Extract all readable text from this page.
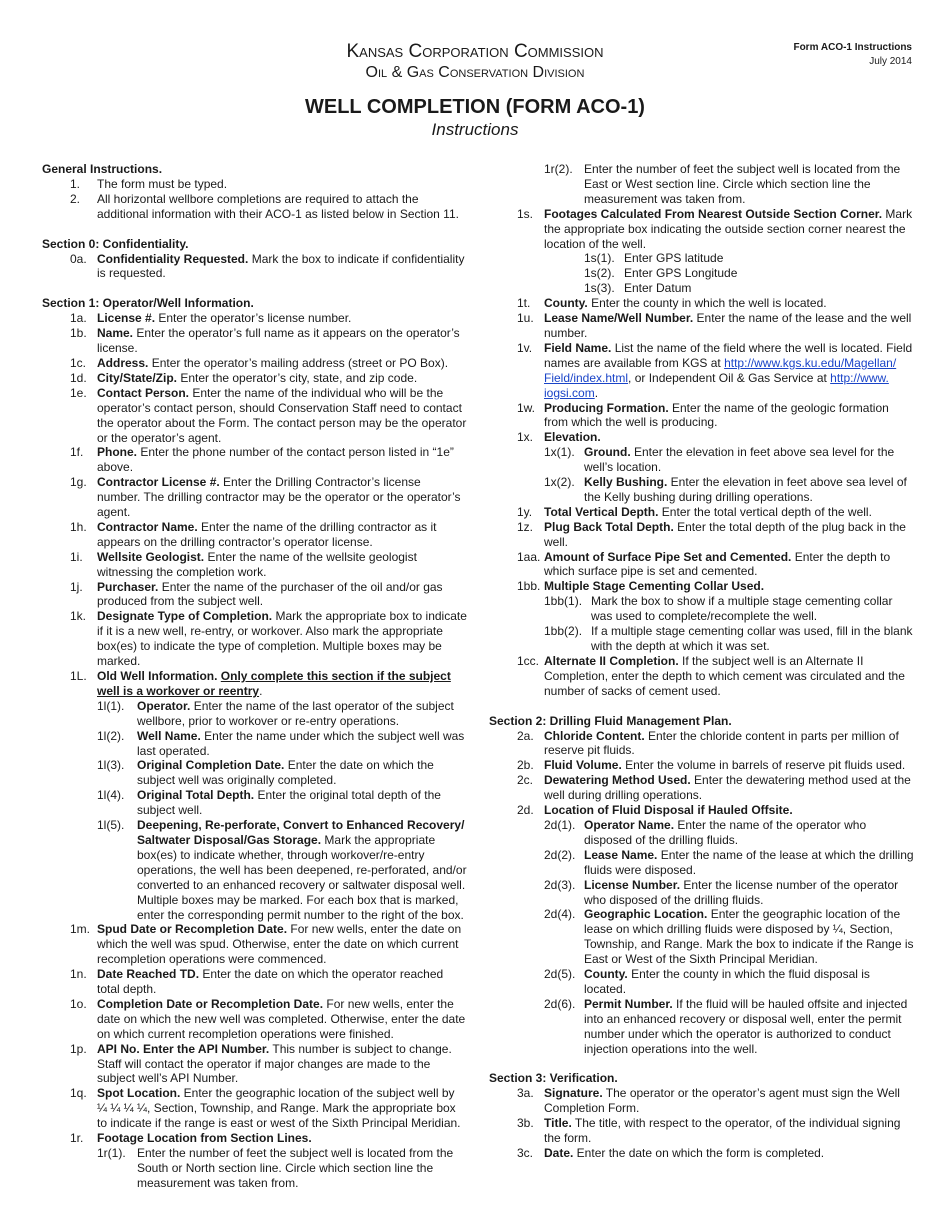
Form ACO-1 Instructions
July 2014
Kansas Corporation Commission
Oil & Gas Conservation Division
WELL COMPLETION (FORM ACO-1)
Instructions
General Instructions.
1. The form must be typed.
2. All horizontal wellbore completions are required to attach the additional information with their ACO-1 as listed below in Section 11.
Section 0: Confidentiality.
0a. Confidentiality Requested. Mark the box to indicate if confidentiality is requested.
Section 1: Operator/Well Information.
1a. License #. Enter the operator’s license number.
1b. Name. Enter the operator’s full name as it appears on the operator’s license.
1c. Address. Enter the operator’s mailing address (street or PO Box).
1d. City/State/Zip. Enter the operator’s city, state, and zip code.
1e. Contact Person. Enter the name of the individual who will be the operator’s contact person, should Conservation Staff need to contact the operator about the Form. The contact person may be the operator or the operator’s agent.
1f. Phone. Enter the phone number of the contact person listed in “1e” above.
1g. Contractor License #. Enter the Drilling Contractor’s license number. The drilling contractor may be the operator or the operator’s agent.
1h. Contractor Name. Enter the name of the drilling contractor as it appears on the drilling contractor’s operator license.
1i. Wellsite Geologist. Enter the name of the wellsite geologist witnessing the completion work.
1j. Purchaser. Enter the name of the purchaser of the oil and/or gas produced from the subject well.
1k. Designate Type of Completion. Mark the appropriate box to indicate if it is a new well, re-entry, or workover. Also mark the appropriate box(es) to indicate the type of completion. Multiple boxes may be marked.
1L. Old Well Information. Only complete this section if the subject well is a workover or reentry.
1l(1). Operator. Enter the name of the last operator of the subject wellbore, prior to workover or re-entry operations.
1l(2). Well Name. Enter the name under which the subject well was last operated.
1l(3). Original Completion Date. Enter the date on which the subject well was originally completed.
1l(4). Original Total Depth. Enter the original total depth of the subject well.
1l(5). Deepening, Re-perforate, Convert to Enhanced Recovery/ Saltwater Disposal/Gas Storage. Mark the appropriate box(es) to indicate whether, through workover/re-entry operations, the well has been deepened, re-perforated, and/or converted to an enhanced recovery or saltwater disposal well. Multiple boxes may be marked. For each box that is marked, enter the corresponding permit number to the right of the box.
1m. Spud Date or Recompletion Date. For new wells, enter the date on which the well was spud. Otherwise, enter the date on which current recompletion operations were commenced.
1n. Date Reached TD. Enter the date on which the operator reached total depth.
1o. Completion Date or Recompletion Date. For new wells, enter the date on which the new well was completed. Otherwise, enter the date on which current recompletion operations were finished.
1p. API No. Enter the API Number. This number is subject to change. Staff will contact the operator if major changes are made to the subject well’s API Number.
1q. Spot Location. Enter the geographic location of the subject well by ¼ ¼ ¼ ¼, Section, Township, and Range. Mark the appropriate box to indicate if the range is east or west of the Sixth Principal Meridian.
1r. Footage Location from Section Lines.
1r(1). Enter the number of feet the subject well is located from the South or North section line. Circle which section line the measurement was taken from.
1r(2). Enter the number of feet the subject well is located from the East or West section line. Circle which section line the measurement was taken from.
1s. Footages Calculated From Nearest Outside Section Corner. Mark the appropriate box indicating the outside section corner nearest the location of the well.
1s(1). Enter GPS latitude
1s(2). Enter GPS Longitude
1s(3). Enter Datum
1t. County. Enter the county in which the well is located.
1u. Lease Name/Well Number. Enter the name of the lease and the well number.
1v. Field Name. List the name of the field where the well is located. Field names are available from KGS at http://www.kgs.ku.edu/Magellan/ Field/index.html, or Independent Oil & Gas Service at http://www. iogsi.com.
1w. Producing Formation. Enter the name of the geologic formation from which the well is producing.
1x. Elevation.
1x(1). Ground. Enter the elevation in feet above sea level for the well’s location.
1x(2). Kelly Bushing. Enter the elevation in feet above sea level of the Kelly bushing during drilling operations.
1y. Total Vertical Depth. Enter the total vertical depth of the well.
1z. Plug Back Total Depth. Enter the total depth of the plug back in the well.
1aa. Amount of Surface Pipe Set and Cemented. Enter the depth to which surface pipe is set and cemented.
1bb. Multiple Stage Cementing Collar Used.
1bb(1). Mark the box to show if a multiple stage cementing collar was used to complete/recomplete the well.
1bb(2). If a multiple stage cementing collar was used, fill in the blank with the depth at which it was set.
1cc. Alternate II Completion. If the subject well is an Alternate II Completion, enter the depth to which cement was circulated and the number of sacks of cement used.
Section 2: Drilling Fluid Management Plan.
2a. Chloride Content. Enter the chloride content in parts per million of reserve pit fluids.
2b. Fluid Volume. Enter the volume in barrels of reserve pit fluids used.
2c. Dewatering Method Used. Enter the dewatering method used at the well during drilling operations.
2d. Location of Fluid Disposal if Hauled Offsite.
2d(1). Operator Name. Enter the name of the operator who disposed of the drilling fluids.
2d(2). Lease Name. Enter the name of the lease at which the drilling fluids were disposed.
2d(3). License Number. Enter the license number of the operator who disposed of the drilling fluids.
2d(4). Geographic Location. Enter the geographic location of the lease on which drilling fluids were disposed by ¼, Section, Township, and Range. Mark the box to indicate if the Range is East or West of the Sixth Principal Meridian.
2d(5). County. Enter the county in which the fluid disposal is located.
2d(6). Permit Number. If the fluid will be hauled offsite and injected into an enhanced recovery or disposal well, enter the permit number under which the operator is authorized to conduct injection operations into the well.
Section 3: Verification.
3a. Signature. The operator or the operator’s agent must sign the Well Completion Form.
3b. Title. The title, with respect to the operator, of the individual signing the form.
3c. Date. Enter the date on which the form is completed.
